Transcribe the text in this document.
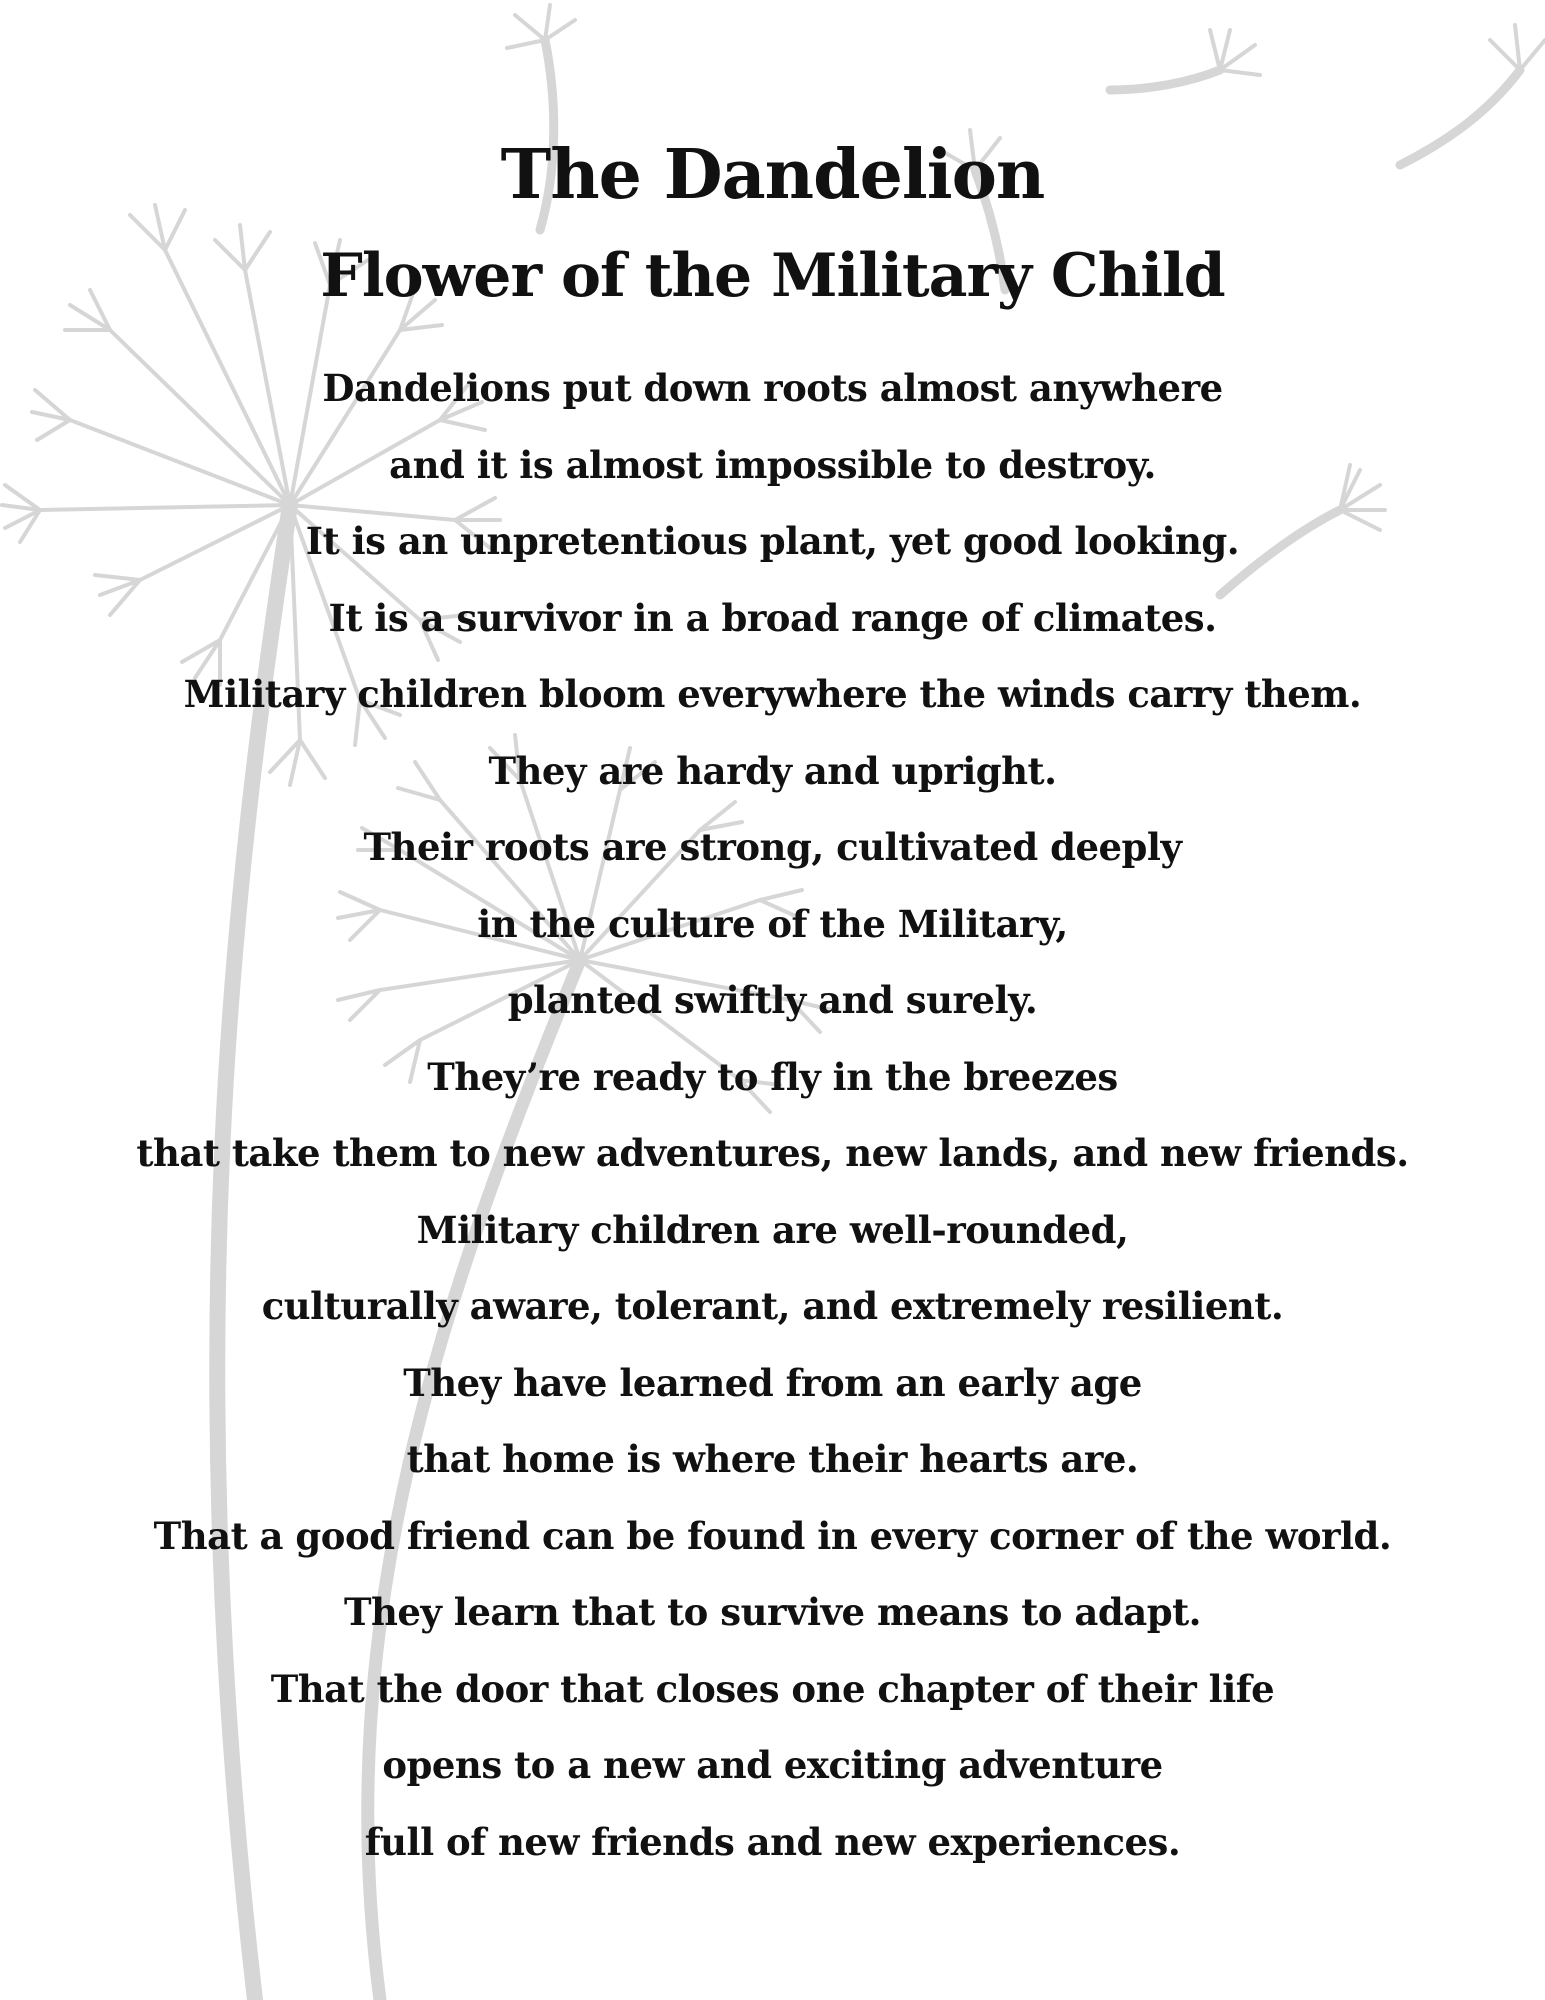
The Dandelion
Flower of the Military Child
Dandelions put down roots almost anywhere
and it is almost impossible to destroy.
It is an unpretentious plant, yet good looking.
It is a survivor in a broad range of climates.
Military children bloom everywhere the winds carry them.
They are hardy and upright.
Their roots are strong, cultivated deeply
in the culture of the Military,
planted swiftly and surely.
They’re ready to fly in the breezes
that take them to new adventures, new lands, and new friends.
Military children are well-rounded,
culturally aware, tolerant, and extremely resilient.
They have learned from an early age
that home is where their hearts are.
That a good friend can be found in every corner of the world.
They learn that to survive means to adapt.
That the door that closes one chapter of their life
opens to a new and exciting adventure
full of new friends and new experiences.
